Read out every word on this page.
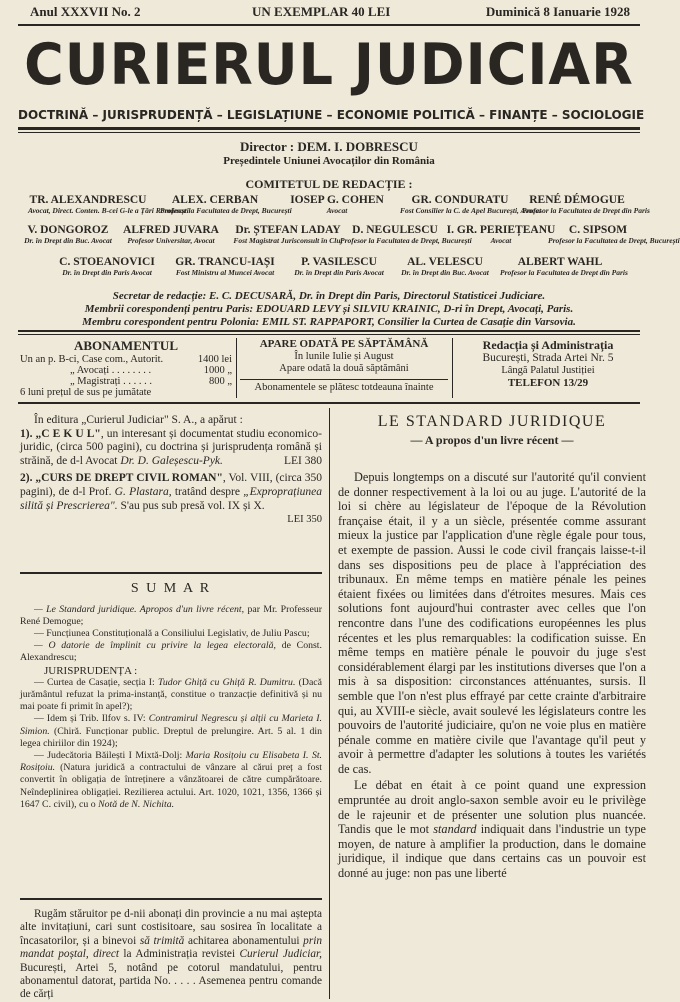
Anul XXXVII No. 2	UN EXEMPLAR 40 LEI	Duminică 8 Ianuarie 1928
CURIERUL JUDICIAR
DOCTRINĂ – JURISPRUDENȚĂ – LEGISLAȚIUNE – ECONOMIE POLITICĂ – FINANȚE – SOCIOLOGIE
Director : DEM. I. DOBRESCU
Președintele Uniunei Avocaților din România
COMITETUL DE REDACȚIE :
TR. ALEXANDRESCU
Avocat, Direct. Conten. B-cei G-le a Țări Românești
ALEX. CERBAN
Profesor la Facultatea de Drept, București
IOSEP G. COHEN
Avocat
GR. CONDURATU
Fost Consilier la C. de Apel București, Avocat
RENÉ DÉMOGUE
Profesor la Facultatea de Drept din Paris
V. DONGOROZ
Dr. în Drept din Buc. Avocat
ALFRED JUVARA
Profesor Universitar, Avocat
Dr. ȘTEFAN LADAY
Fost Magistrat Jurisconsult în Cluj
D. NEGULESCU
Profesor la Facultatea de Drept, București
I. GR. PERIEȚEANU
Avocat
C. SIPSOM
Profesor la Facultatea de Drept, București
C. STOEANOVICI
Dr. în Drept din Paris Avocat
GR. TRANCU-IAȘI
Fost Ministru al Muncei Avocat
P. VASILESCU
Dr. în Drept din Paris Avocat
AL. VELESCU
Dr. în Drept din Buc. Avocat
ALBERT WAHL
Profesor la Facultatea de Drept din Paris
Secretar de redacție: E. C. DECUSARĂ, Dr. în Drept din Paris, Directorul Statisticei Judiciare.
Membrii corespondenți pentru Paris: EDOUARD LEVY și SILVIU KRAINIC, D-ri în Drept, Avocați, Paris.
Membru corespondent pentru Polonia: EMIL ST. RAPPAPORT, Consilier la Curtea de Casație din Varsovia.
ABONAMENTUL
Un an p. B-ci, Case com., Autorit.	1400 lei
„ Avocați . . . . . . . .	1000 „
„ Magistrați . . . . . .	800 „
6 luni prețul de sus pe jumătate
APARE ODATĂ PE SĂPTĂMÂNĂ
În lunile Iulie și August
Apare odată la două săptămâni
Abonamentele se plătesc totdeauna înainte
Redacția și Administrația
București, Strada Artei Nr. 5
Lângă Palatul Justiției
TELEFON 13/29

În editura „Curierul Judiciar" S. A., a apărut :

1). „C E K U L", un interesant și documentat studiu economico-juridic, (circa 500 pagini), cu doctrina și jurisprudența română și străină, de d-l Avocat Dr. D. Galeșescu-Pyk.	LEI 380

2). „CURS DE DREPT CIVIL ROMAN", Vol. VIII, (circa 350 pagini), de d-l Prof. G. Plastara, tratând despre „Exproprațiunea silită și Prescrierea". S'au pus sub presă vol. IX și X.

LEI 350

S U M A R

— Le Standard juridique. Apropos d'un livre récent, par Mr. Professeur René Demogue;

— Funcțiunea Constituțională a Consiliului Legislativ, de Juliu Pascu;

— O datorie de împlinit cu privire la legea electorală, de Const. Alexandrescu;

JURISPRUDENȚA :

— Curtea de Casație, secția I: Tudor Ghiță cu Ghiță R. Dumitru. (Dacă jurământul refuzat la prima-instanță, constitue o tranzacție definitivă și nu mai poate fi primit în apel?);

— Idem și Trib. Ilfov s. IV: Contramirul Negrescu și alții cu Marieta I. Simion. (Chiră. Funcționar public. Dreptul de prelungire. Art. 5 al. 1 din legea chiriilor din 1924);

— Judecătoria Băilești I Mixtă-Dolj: Maria Rosițoiu cu Elisabeta I. St. Rosițoiu. (Natura juridică a contractului de vânzare al cărui preț a fost convertit în obligația de întreținere a vânzătoarei de către cumpărătoare. Neîndeplinirea obligației. Rezilierea actului. Art. 1020, 1021, 1356, 1366 și 1647 C. civil), cu o Notă de N. Nichita.

Rugăm stăruitor pe d-nii abonați din provincie a nu mai aștepta alte invitațiuni, cari sunt costisitoare, sau sosirea în localitate a încasatorilor, și a binevoi să trimită achitarea abonamentului prin mandat poștal, direct la Administrația revistei Curierul Judiciar, București, Artei 5, notând pe cotorul mandatului, pentru abonamentul datorat, partida No. . . . . Asemenea pentru comande de cărți

LE STANDARD JURIDIQUE

— A propos d'un livre récent —

Depuis longtemps on a discuté sur l'autorité qu'il convient de donner respectivement à la loi ou au juge. L'autorité de la loi si chère au législateur de l'époque de la Révolution française était, il y a un siècle, présentée comme assurant mieux la justice par l'application d'une règle égale pour tous, et exempte de passion. Aussi le code civil français laisse-t-il dans ses dispositions peu de place à l'appréciation des tribunaux. En même temps en matière pénale les peines étaient fixées ou limitées dans d'étroites mesures. Mais ces solutions font aujourd'hui contraster avec celles que l'on rencontre dans l'une des codifications européennes les plus récentes et les plus remarquables: la codification suisse. En même temps en matière pénale le pouvoir du juge s'est considérablement élargi par les institutions diverses que l'on a mis à sa disposition: circonstances atténuantes, sursis. Il semble que l'on n'est plus effrayé par cette crainte d'arbitraire qui, au XVIII-e siècle, avait soulevé les législateurs contre les pouvoirs de l'autorité judiciaire, qu'on ne voie plus en matière pénale comme en matière civile que l'avantage qu'il peut y avoir à permettre d'adapter les solutions à toutes les variétés de cas.

Le débat en était à ce point quand une expression empruntée au droit anglo-saxon semble avoir eu le privilège de le rajeunir et de présenter une solution plus nuancée. Tandis que le mot standard indiquait dans l'industrie un type moyen, de nature à amplifier la production, dans le domaine juridique, il indique que dans certains cas un pouvoir est donné au juge: non pas une liberté
